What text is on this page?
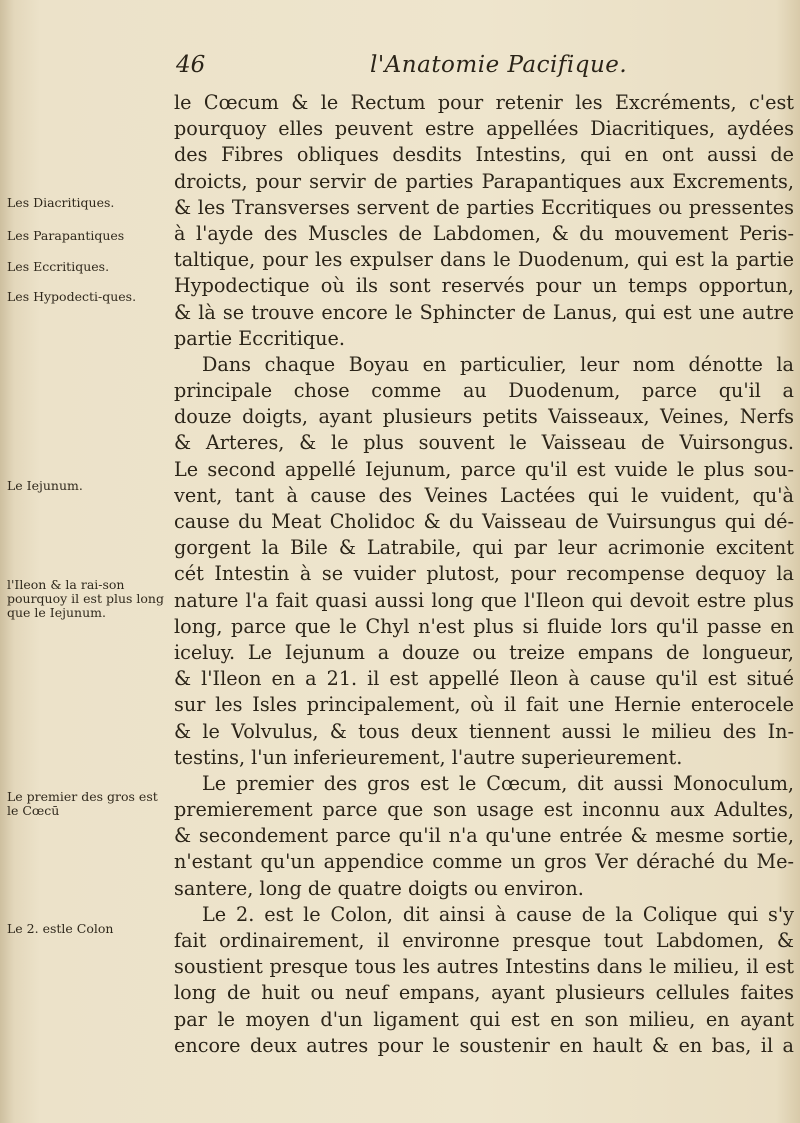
46	l'Anatomie Pacifique.
Les Diacritiques.
Les Parapantiques
Les Eccritiques.
Les Hypodecti-ques.
Le Iejunum.
l'Ileon & la rai-son pourquoy il est plus long que le Iejunum.
Le premier des gros est le Cœcū
Le 2. estle Colon
le Cœcum & le Rectum pour retenir les Excréments, c'est
pourquoy elles peuvent estre appellées Diacritiques, aydées
des Fibres obliques desdits Intestins, qui en ont aussi de
droicts, pour servir de parties Parapantiques aux Excrements,
& les Transverses servent de parties Eccritiques ou pressentes
à l'ayde des Muscles de Labdomen, & du mouvement Peris-
taltique, pour les expulser dans le Duodenum, qui est la partie
Hypodectique où ils sont reservés pour un temps opportun,
& là se trouve encore le Sphincter de Lanus, qui est une autre
partie Eccritique.
Dans chaque Boyau en particulier, leur nom dénotte la
principale chose comme au Duodenum, parce qu'il a
douze doigts, ayant plusieurs petits Vaisseaux, Veines, Nerfs
& Arteres, & le plus souvent le Vaisseau de Vuirsongus.
Le second appellé Iejunum, parce qu'il est vuide le plus sou-
vent, tant à cause des Veines Lactées qui le vuident, qu'à
cause du Meat Cholidoc & du Vaisseau de Vuirsungus qui dé-
gorgent la Bile & Latrabile, qui par leur acrimonie excitent
cét Intestin à se vuider plutost, pour recompense dequoy la
nature l'a fait quasi aussi long que l'Ileon qui devoit estre plus
long, parce que le Chyl n'est plus si fluide lors qu'il passe en
iceluy. Le Iejunum a douze ou treize empans de longueur,
& l'Ileon en a 21. il est appellé Ileon à cause qu'il est situé
sur les Isles principalement, où il fait une Hernie enterocele
& le Volvulus, & tous deux tiennent aussi le milieu des In-
testins, l'un inferieurement, l'autre superieurement.
Le premier des gros est le Cœcum, dit aussi Monoculum,
premierement parce que son usage est inconnu aux Adultes,
& secondement parce qu'il n'a qu'une entrée & mesme sortie,
n'estant qu'un appendice comme un gros Ver déraché du Me-
santere, long de quatre doigts ou environ.
Le 2. est le Colon, dit ainsi à cause de la Colique qui s'y
fait ordinairement, il environne presque tout Labdomen, &
soustient presque tous les autres Intestins dans le milieu, il est
long de huit ou neuf empans, ayant plusieurs cellules faites
par le moyen d'un ligament qui est en son milieu, en ayant
encore deux autres pour le soustenir en hault & en bas, il a
